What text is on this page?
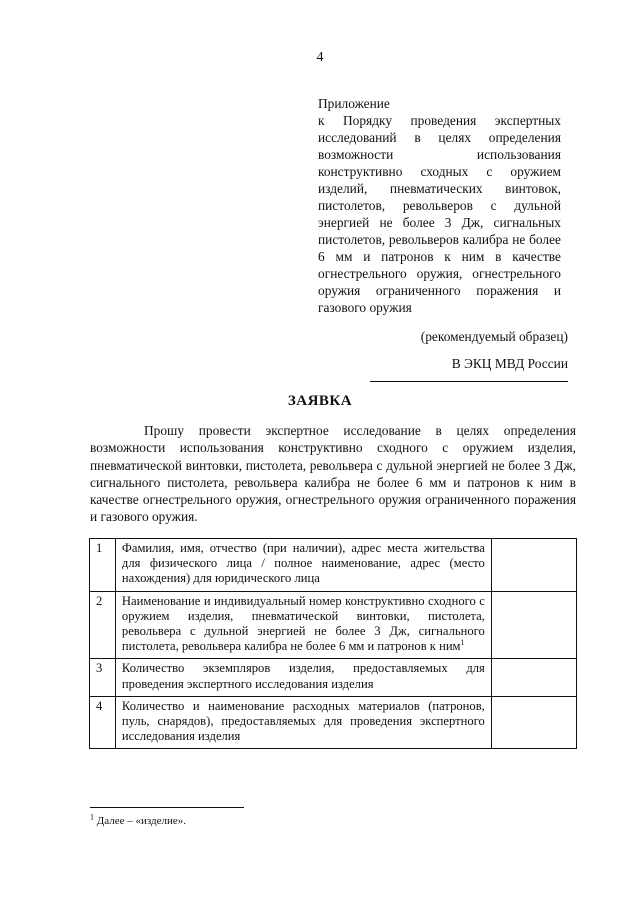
4

Приложение

к Порядку проведения экспертных исследований в целях определения возможности использования конструктивно сходных с оружием изделий, пневматических винтовок, пистолетов, револьверов с дульной энергией не более 3 Дж, сигнальных пистолетов, револьверов калибра не более 6 мм и патронов к ним в качестве огнестрельного оружия, огнестрельного оружия ограниченного поражения и газового оружия

(рекомендуемый образец)
В ЭКЦ МВД России
ЗАЯВКА

Прошу провести экспертное исследование в целях определения возможности использования конструктивно сходного с оружием изделия, пневматической винтовки, пистолета, револьвера с дульной энергией не более 3 Дж, сигнального пистолета, револьвера калибра не более 6 мм и патронов к ним в качестве огнестрельного оружия, огнестрельного оружия ограниченного поражения и газового оружия.

1	Фамилия, имя, отчество (при наличии), адрес места жительства для физического лица / полное наименование, адрес (место нахождения) для юридического лица	
2	Наименование и индивидуальный номер конструктивно сходного с оружием изделия, пневматической винтовки, пистолета, револьвера с дульной энергией не более 3 Дж, сигнального пистолета, револьвера калибра не более 6 мм и патронов к ним$^1$	
3	Количество экземпляров изделия, предоставляемых для проведения экспертного исследования изделия	
4	Количество и наименование расходных материалов (патронов, пуль, снарядов), предоставляемых для проведения экспертного исследования изделия	
$^1$ Далее – «изделие».
